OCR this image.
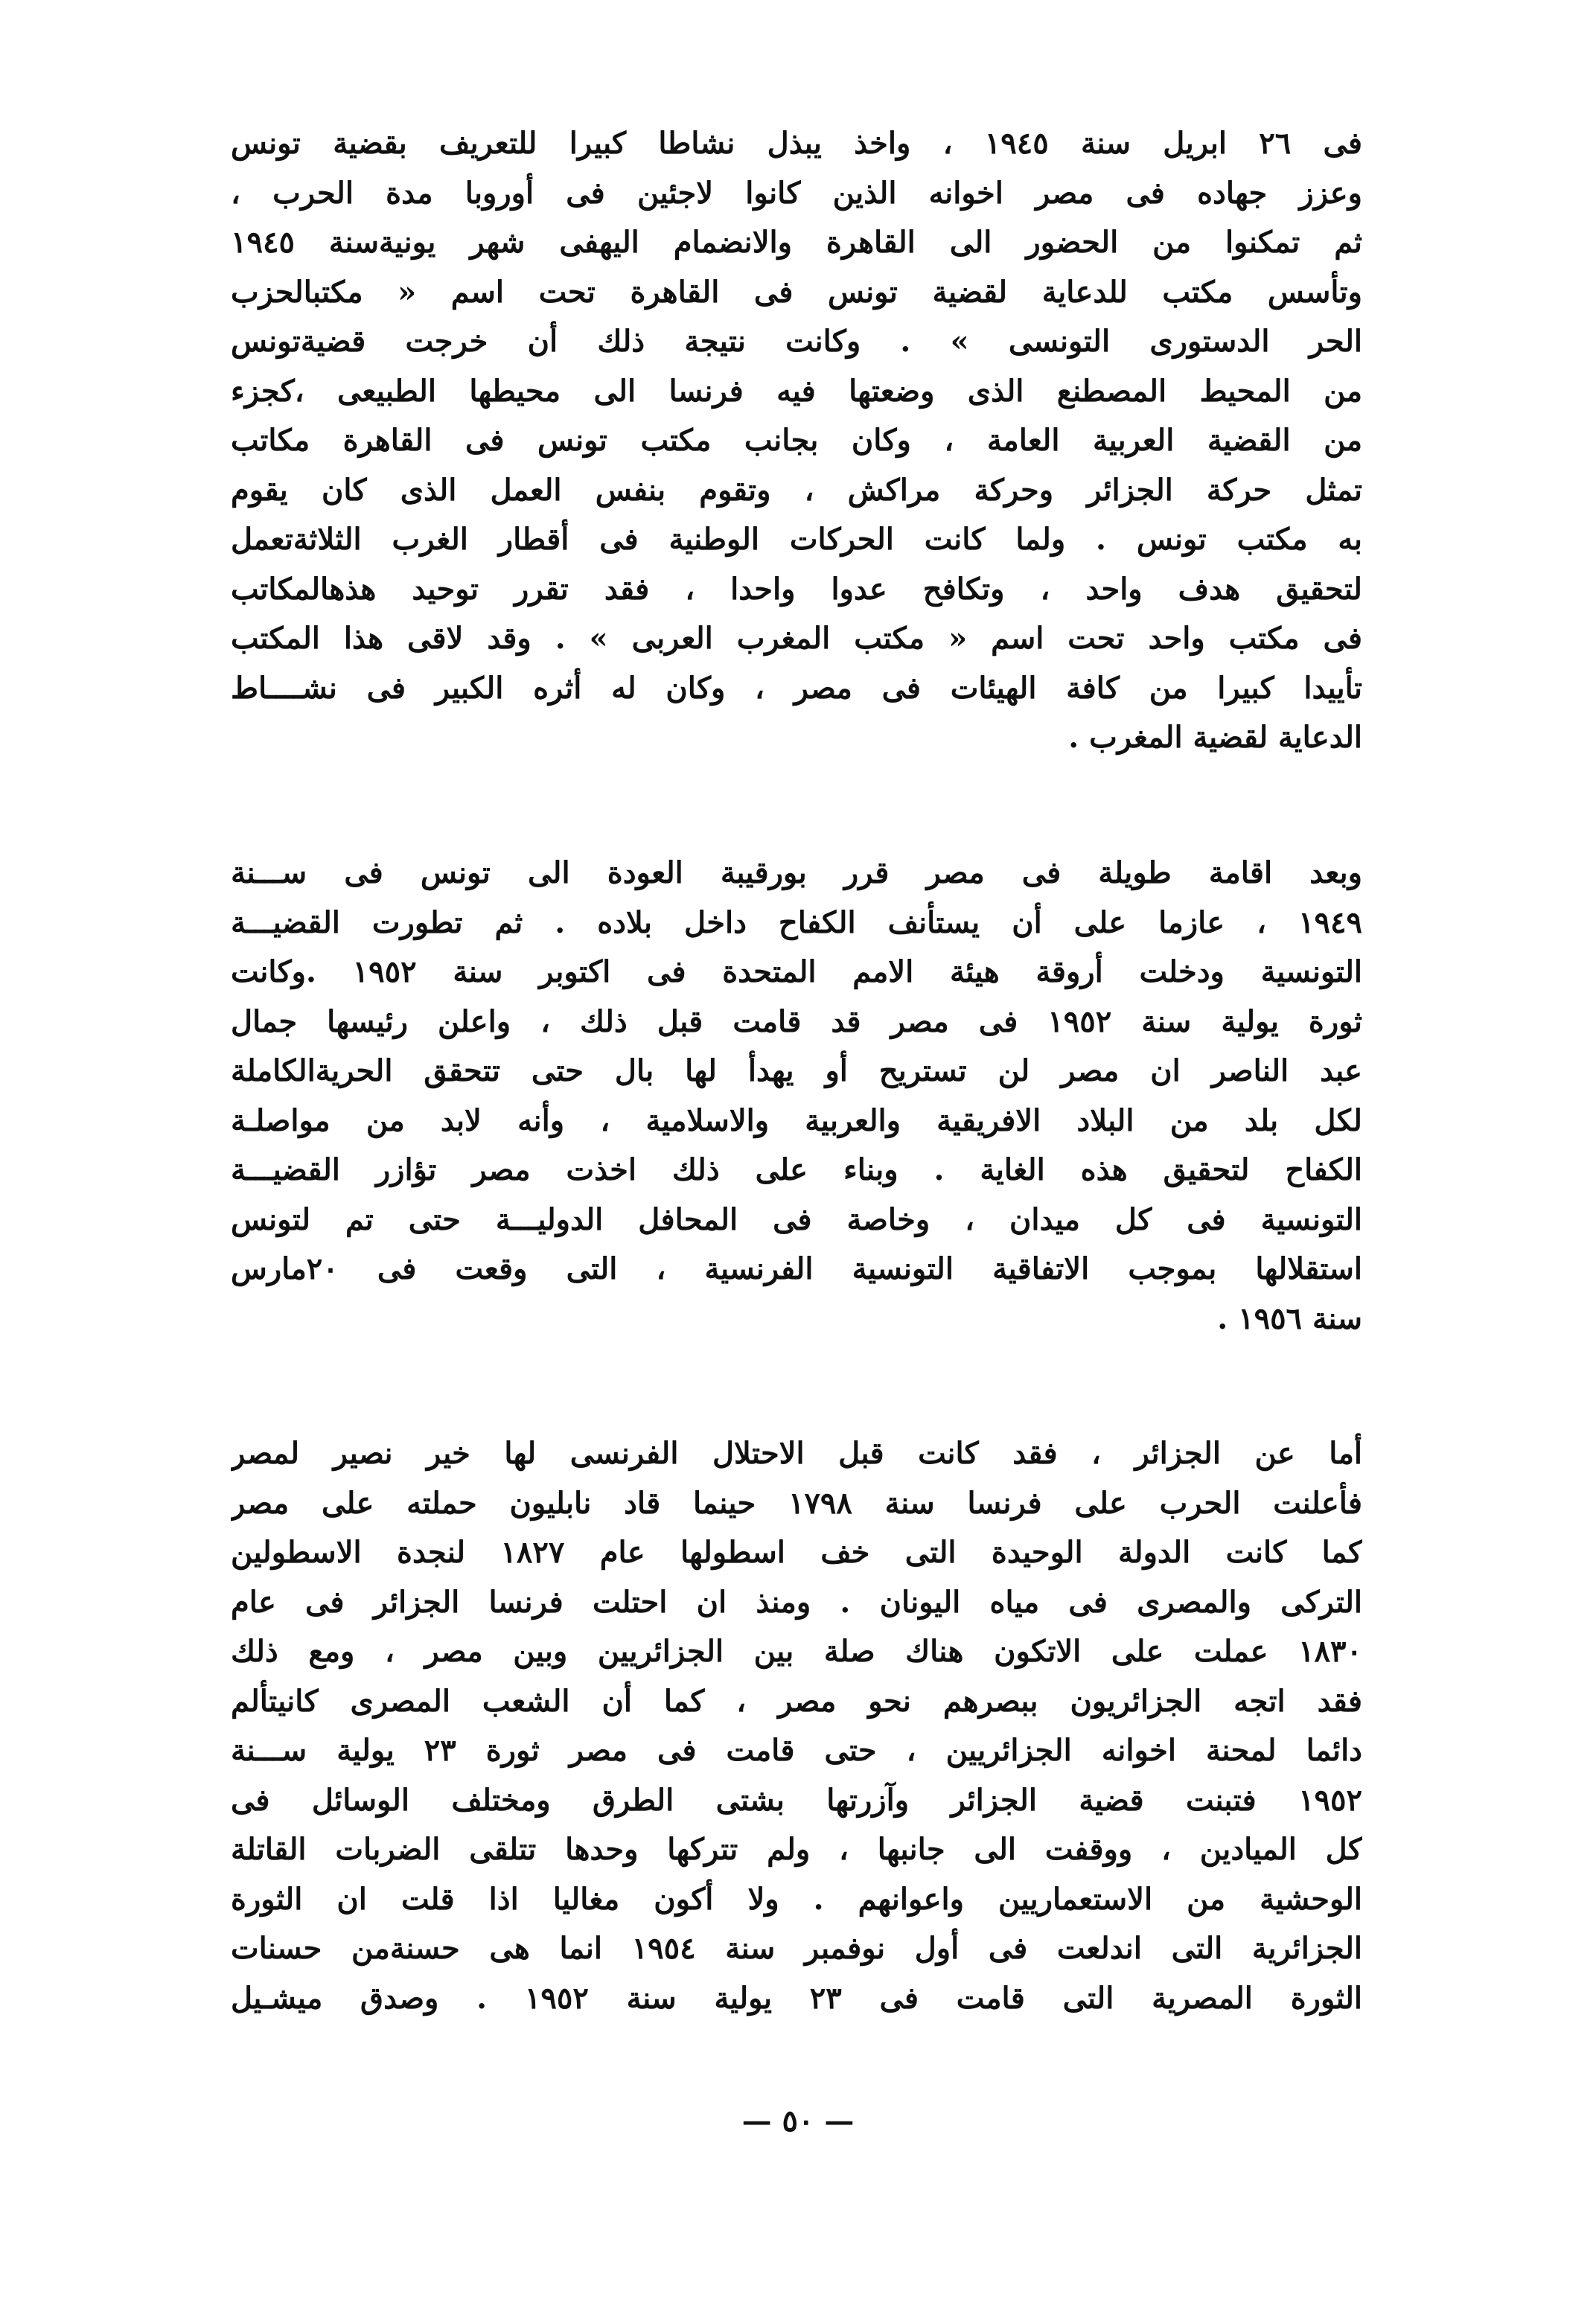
فى ٢٦ ابريل سنة ١٩٤٥ ، واخذ يبذل نشاطا كبيرا للتعريف بقضية تونس
وعزز جهاده فى مصر اخوانه الذين كانوا لاجئين فى أوروبا مدة الحرب ،
ثم تمكنوا من الحضور الى القاهرة والانضمام اليهفى شهر يونيةسنة ١٩٤٥
وتأسس مكتب للدعاية لقضية تونس فى القاهرة تحت اسم « مكتبالحزب
الحر الدستورى التونسى » . وكانت نتيجة ذلك أن خرجت قضيةتونس
من المحيط المصطنع الذى وضعتها فيه فرنسا الى محيطها الطبيعى ،كجزء
من القضية العربية العامة ، وكان بجانب مكتب تونس فى القاهرة مكاتب
تمثل حركة الجزائر وحركة مراكش ، وتقوم بنفس العمل الذى كان يقوم
به مكتب تونس . ولما كانت الحركات الوطنية فى أقطار الغرب الثلاثةتعمل
لتحقيق هدف واحد ، وتكافح عدوا واحدا ، فقد تقرر توحيد هذهالمكاتب
فى مكتب واحد تحت اسم « مكتب المغرب العربى » . وقد لاقى هذا المكتب
تأييدا كبيرا من كافة الهيئات فى مصر ، وكان له أثره الكبير فى نشــــاط
الدعاية لقضية المغرب .
وبعد اقامة طويلة فى مصر قرر بورقيبة العودة الى تونس فى ســـنة
١٩٤٩ ، عازما على أن يستأنف الكفاح داخل بلاده . ثم تطورت القضيـــة
التونسية ودخلت أروقة هيئة الامم المتحدة فى اكتوبر سنة ١٩٥٢ .وكانت
ثورة يولية سنة ١٩٥٢ فى مصر قد قامت قبل ذلك ، واعلن رئيسها جمال
عبد الناصر ان مصر لن تستريح أو يهدأ لها بال حتى تتحقق الحريةالكاملة
لكل بلد من البلاد الافريقية والعربية والاسلامية ، وأنه لابد من مواصلـة
الكفاح لتحقيق هذه الغاية . وبناء على ذلك اخذت مصر تؤازر القضيـــة
التونسية فى كل ميدان ، وخاصة فى المحافل الدوليـــة حتى تم لتونس
استقلالها بموجب الاتفاقية التونسية الفرنسية ، التى وقعت فى ٢٠مارس
سنة ١٩٥٦ .
أما عن الجزائر ، فقد كانت قبل الاحتلال الفرنسى لها خير نصير لمصر
فأعلنت الحرب على فرنسا سنة ١٧٩٨ حينما قاد نابليون حملته على مصر
كما كانت الدولة الوحيدة التى خف اسطولها عام ١٨٢٧ لنجدة الاسطولين
التركى والمصرى فى مياه اليونان . ومنذ ان احتلت فرنسا الجزائر فى عام
١٨٣٠ عملت على الاتكون هناك صلة بين الجزائريين وبين مصر ، ومع ذلك
فقد اتجه الجزائريون ببصرهم نحو مصر ، كما أن الشعب المصرى كانيتألم
دائما لمحنة اخوانه الجزائريين ، حتى قامت فى مصر ثورة ٢٣ يولية ســـنة
١٩٥٢ فتبنت قضية الجزائر وآزرتها بشتى الطرق ومختلف الوسائل فى
كل الميادين ، ووقفت الى جانبها ، ولم تتركها وحدها تتلقى الضربات القاتلة
الوحشية من الاستعماريين واعوانهم . ولا أكون مغاليا اذا قلت ان الثورة
الجزائرية التى اندلعت فى أول نوفمبر سنة ١٩٥٤ انما هى حسنةمن حسنات
الثورة المصرية التى قامت فى ٢٣ يولية سنة ١٩٥٢ . وصدق ميشـيل
— ٥٠ —
